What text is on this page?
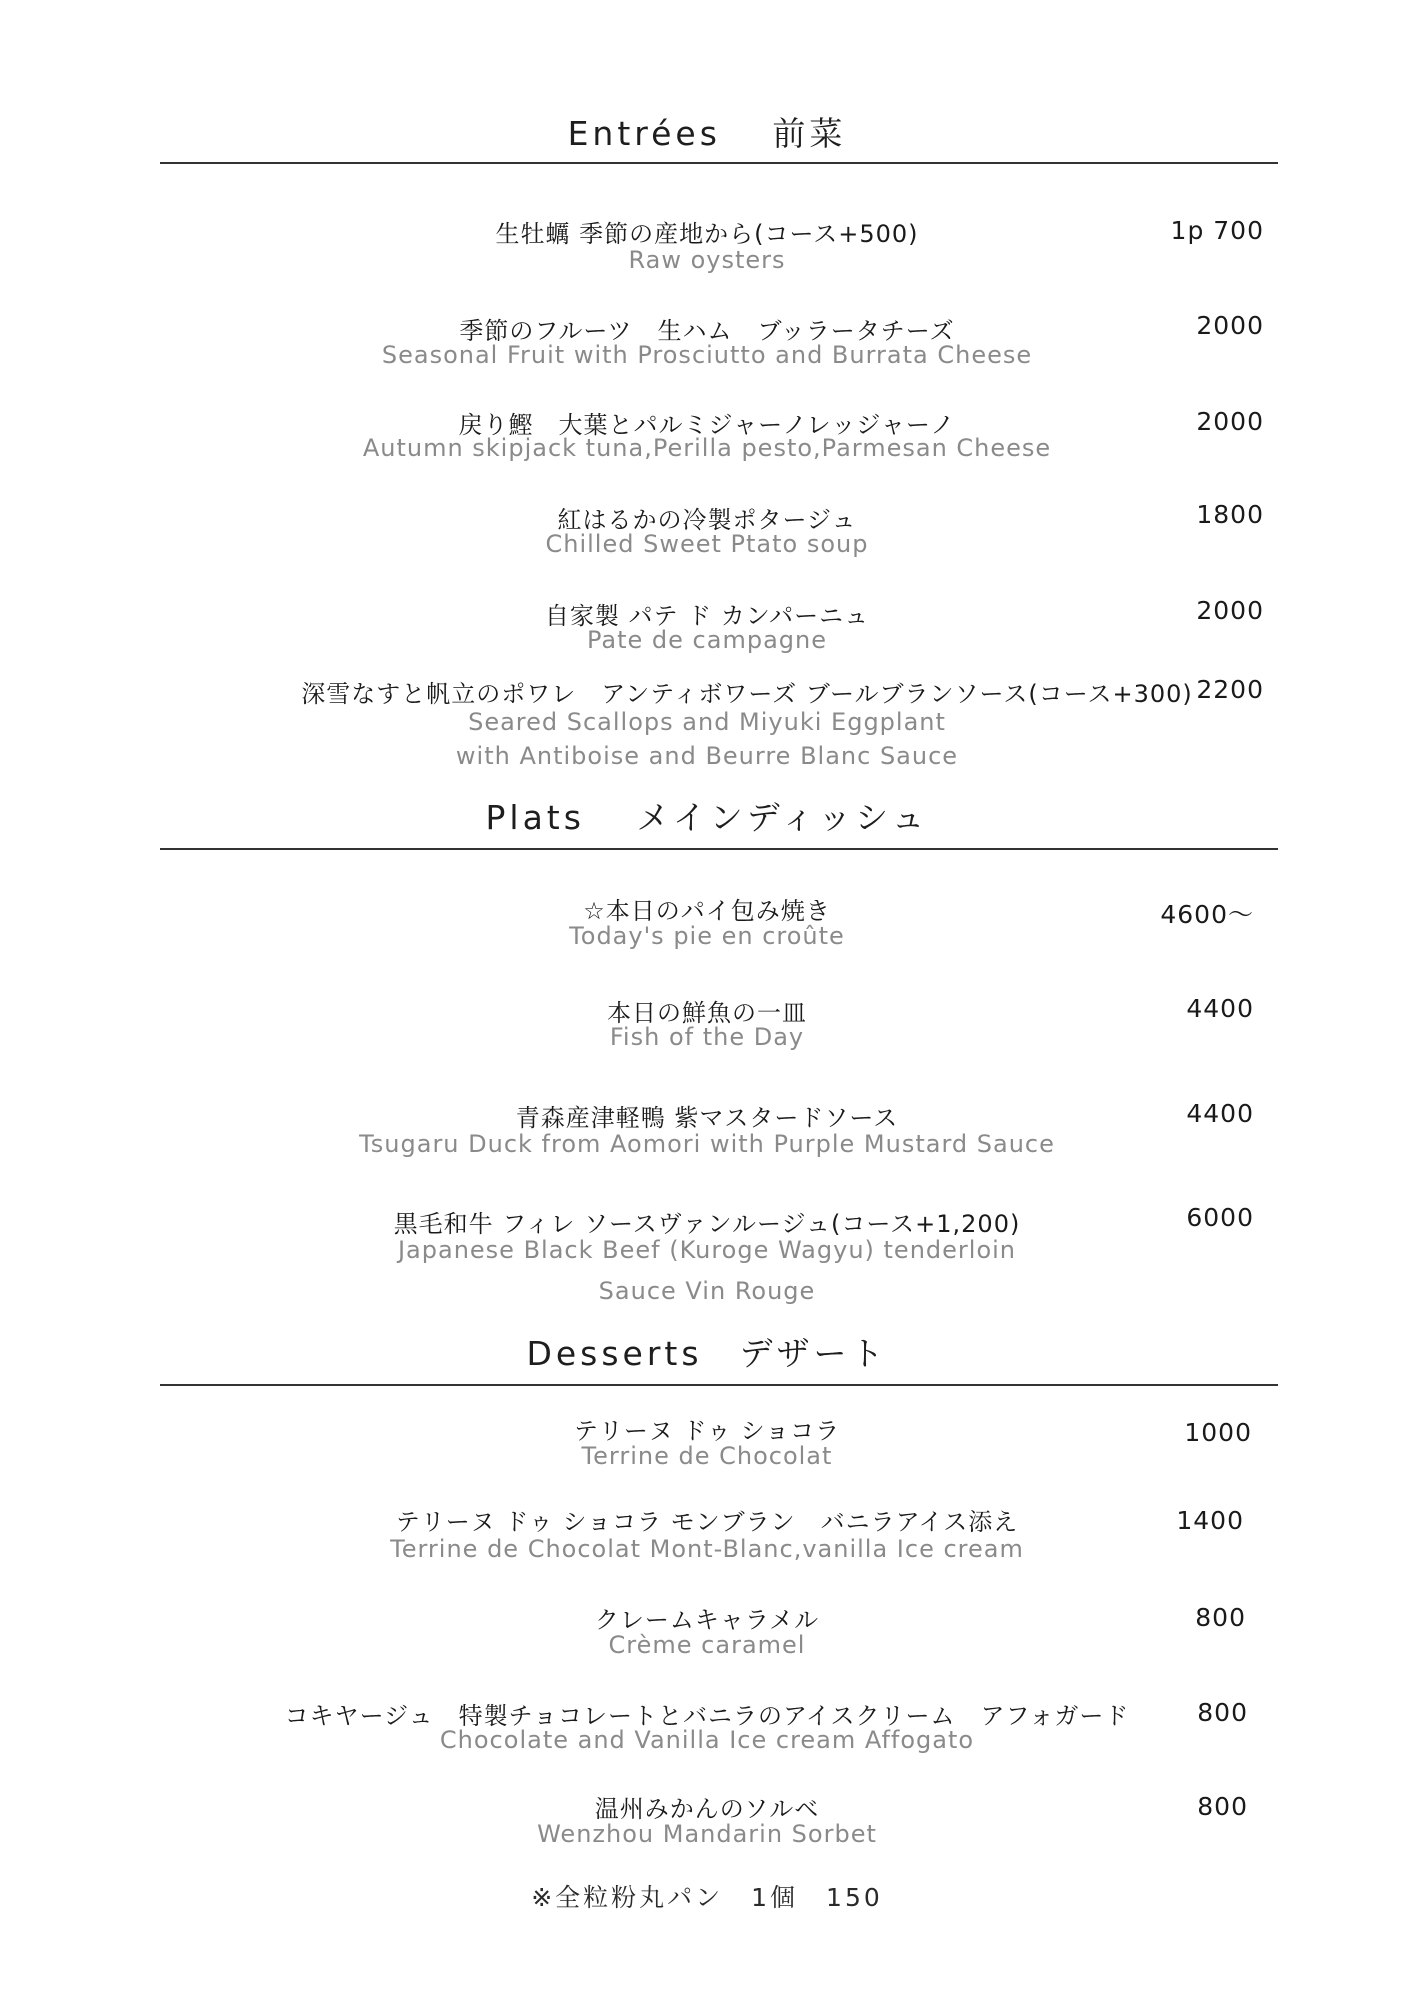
Entrées　 前菜
生牡蠣 季節の産地から(コース+500)
Raw oysters
1p 700
季節のフルーツ　生ハム　ブッラータチーズ
Seasonal Fruit with Prosciutto and Burrata Cheese
2000
戻り鰹　大葉とパルミジャーノレッジャーノ
Autumn skipjack tuna,Perilla pesto,Parmesan Cheese
2000
紅はるかの冷製ポタージュ
Chilled Sweet Ptato soup
1800
自家製 パテ ド カンパーニュ
Pate de campagne
2000
深雪なすと帆立のポワレ　アンティボワーズ ブールブランソース(コース+300)
Seared Scallops and Miyuki Eggplant
with Antiboise and Beurre Blanc Sauce
2200
Plats　 メインディッシュ
☆本日のパイ包み焼き
Today's pie en croûte
4600～
本日の鮮魚の一皿
Fish of the Day
4400
青森産津軽鴨 紫マスタードソース
Tsugaru Duck from Aomori with Purple Mustard Sauce
4400
黒毛和牛 フィレ ソースヴァンルージュ(コース+1,200)
Japanese Black Beef (Kuroge Wagyu) tenderloin
Sauce Vin Rouge
6000
Desserts　デザート
テリーヌ ドゥ ショコラ
Terrine de Chocolat
1000
テリーヌ ドゥ ショコラ モンブラン　バニラアイス添え
Terrine de Chocolat Mont-Blanc,vanilla Ice cream
1400
クレームキャラメル
Crème caramel
800
コキヤージュ　特製チョコレートとバニラのアイスクリーム　アフォガード
Chocolate and Vanilla Ice cream Affogato
800
温州みかんのソルベ
Wenzhou Mandarin Sorbet
800
※全粒粉丸パン　1個　150
